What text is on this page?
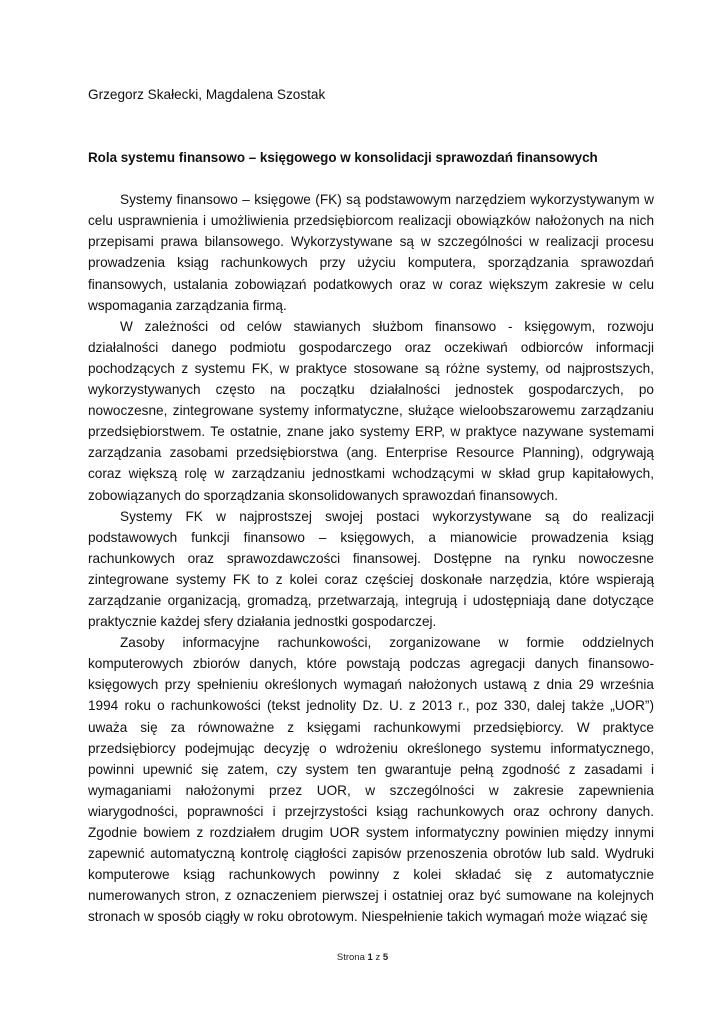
Grzegorz Skałecki, Magdalena Szostak

Rola systemu finansowo – księgowego w konsolidacji sprawozdań finansowych

Systemy finansowo – księgowe (FK) są podstawowym narzędziem wykorzystywanym w celu usprawnienia i umożliwienia przedsiębiorcom realizacji obowiązków nałożonych na nich przepisami prawa bilansowego. Wykorzystywane są w szczególności w realizacji procesu prowadzenia ksiąg rachunkowych przy użyciu komputera, sporządzania sprawozdań finansowych, ustalania zobowiązań podatkowych oraz w coraz większym zakresie w celu wspomagania zarządzania firmą.

W zależności od celów stawianych służbom finansowo - księgowym, rozwoju działalności danego podmiotu gospodarczego oraz oczekiwań odbiorców informacji pochodzących z systemu FK, w praktyce stosowane są różne systemy, od najprostszych, wykorzystywanych często na początku działalności jednostek gospodarczych, po nowoczesne, zintegrowane systemy informatyczne, służące wieloobszarowemu zarządzaniu przedsiębiorstwem. Te ostatnie, znane jako systemy ERP, w praktyce nazywane systemami zarządzania zasobami przedsiębiorstwa (ang. Enterprise Resource Planning), odgrywają coraz większą rolę w zarządzaniu jednostkami wchodzącymi w skład grup kapitałowych, zobowiązanych do sporządzania skonsolidowanych sprawozdań finansowych.

Systemy FK w najprostszej swojej postaci wykorzystywane są do realizacji podstawowych funkcji finansowo – księgowych, a mianowicie prowadzenia ksiąg rachunkowych oraz sprawozdawczości finansowej. Dostępne na rynku nowoczesne zintegrowane systemy FK to z kolei coraz częściej doskonałe narzędzia, które wspierają zarządzanie organizacją, gromadzą, przetwarzają, integrują i udostępniają dane dotyczące praktycznie każdej sfery działania jednostki gospodarczej.

Zasoby informacyjne rachunkowości, zorganizowane w formie oddzielnych komputerowych zbiorów danych, które powstają podczas agregacji danych finansowo-księgowych przy spełnieniu określonych wymagań nałożonych ustawą z dnia 29 września 1994 roku o rachunkowości (tekst jednolity Dz. U. z 2013 r., poz 330, dalej także „UOR”) uważa się za równoważne z księgami rachunkowymi przedsiębiorcy. W praktyce przedsiębiorcy podejmując decyzję o wdrożeniu określonego systemu informatycznego, powinni upewnić się zatem, czy system ten gwarantuje pełną zgodność z zasadami i wymaganiami nałożonymi przez UOR, w szczególności w zakresie zapewnienia wiarygodności, poprawności i przejrzystości ksiąg rachunkowych oraz ochrony danych. Zgodnie bowiem z rozdziałem drugim UOR system informatyczny powinien między innymi zapewnić automatyczną kontrolę ciągłości zapisów przenoszenia obrotów lub sald. Wydruki komputerowe ksiąg rachunkowych powinny z kolei składać się z automatycznie numerowanych stron, z oznaczeniem pierwszej i ostatniej oraz być sumowane na kolejnych stronach w sposób ciągły w roku obrotowym. Niespełnienie takich wymagań może wiązać się

Strona 1 z 5
